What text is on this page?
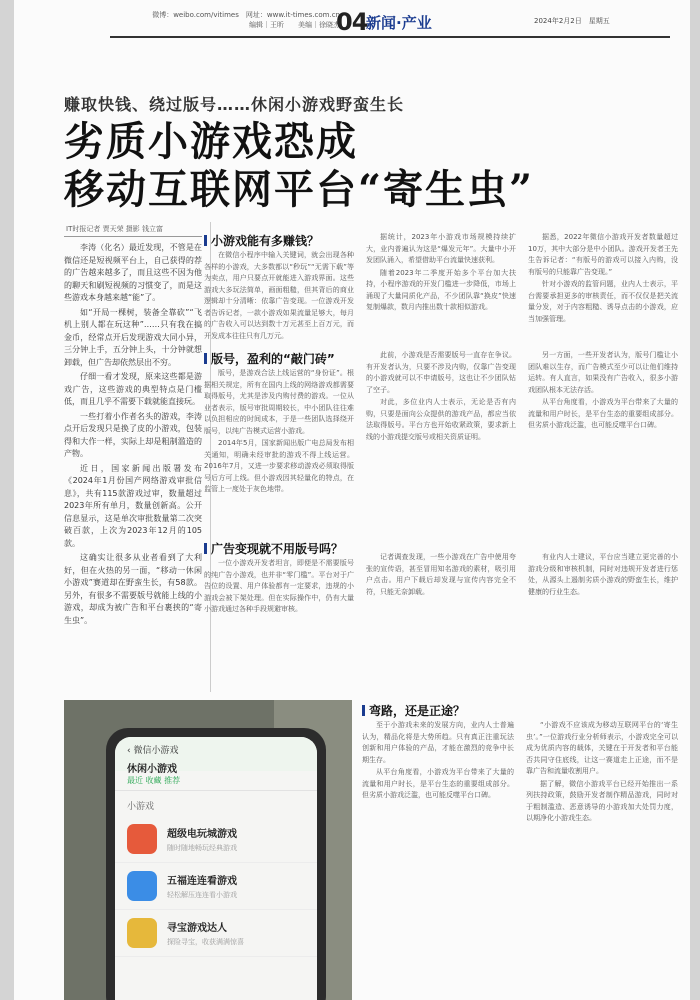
微博：weibo.com/vitimes　网址：www.it-times.com.cn
编辑｜王昕　　美编｜徐晓杰
04
新闻·产业	2024年2月2日　星期五
赚取快钱、绕过版号……休闲小游戏野蛮生长
劣质小游戏恐成
移动互联网平台“寄生虫”
IT时报记者 贾天荣 摄影 钱立富

李涛（化名）最近发现，不管是在微信还是短视频平台上，自己获得的荐的广告越来越多了，而且这些不因为他的聊天和刷短视频的习惯变了，而是这些游戏本身越来越“能”了。

如“开局一棵树，装备全靠砍”“飞机上别人都在玩这种”……只有我在搞金币，经常点开后发现游戏大同小异，三分钟上手，五分钟上头，十分钟就想卸载，但广告却依然层出不穷。

仔细一看才发现，原来这些都是游戏广告，这些游戏的典型特点是门槛低，而且几乎不需要下载就能直接玩。

一些打着小作者名头的游戏，李涛点开后发现只是换了皮的小游戏，包装得和大作一样，实际上却是粗制滥造的产物。

近日，国家新闻出版署发布《2024年1月份国产网络游戏审批信息》，共有115款游戏过审，数量超过2023年所有单月，数量创新高。公开信息显示，这是单次审批数量第二次突破百款，上次为2023年12月的105款。

这确实让很多从业者看到了大利好，但在火热的另一面，“移动一休闲小游戏”赛道却在野蛮生长，有58款。另外，有很多不需要版号就能上线的小游戏，却成为被广告和平台裹挟的“寄生虫”。

小游戏能有多赚钱？

在微信小程序中输入关键词，就会出现各种各样的小游戏，大多数都以“秒玩”“无需下载”等为卖点，用户只要点开就能进入游戏界面。这些游戏大多玩法简单，画面粗糙，但其背后的商业逻辑却十分清晰：依靠广告变现。一位游戏开发者告诉记者，一款小游戏如果流量足够大，每月的广告收入可以达到数十万元甚至上百万元，而开发成本往往只有几万元。

据统计，2023年小游戏市场规模持续扩大，业内普遍认为这是“爆发元年”。大量中小开发团队涌入，希望借助平台流量快速获利。

随着2023年二季度开始多个平台加大扶持，小程序游戏的开发门槛进一步降低，市场上涌现了大量同质化产品，不少团队靠“换皮”快速复制爆款，数月内推出数十款相似游戏。

据悉，2022年微信小游戏开发者数量超过10万，其中大部分是中小团队。游戏开发者王先生告诉记者：“有版号的游戏可以接入内购，没有版号的只能靠广告变现。”

针对小游戏的监管问题，业内人士表示，平台需要承担更多的审核责任，而不仅仅是把关流量分发，对于内容粗糙、诱导点击的小游戏，应当加强管理。

版号，盈利的“敲门砖”

版号，是游戏合法上线运营的“身份证”。根据相关规定，所有在国内上线的网络游戏都需要取得版号，尤其是涉及内购付费的游戏。一位从业者表示，版号审批周期较长，中小团队往往难以负担相应的时间成本，于是一些团队选择绕开版号，以纯广告模式运营小游戏。

2014年5月，国家新闻出版广电总局发布相关通知，明确未经审批的游戏不得上线运营。2016年7月，又进一步要求移动游戏必须取得版号后方可上线。但小游戏因其轻量化的特点，在监管上一度处于灰色地带。

此前，小游戏是否需要版号一直存在争议。有开发者认为，只要不涉及内购，仅靠广告变现的小游戏就可以不申请版号，这也让不少团队钻了空子。

对此，多位业内人士表示，无论是否有内购，只要是面向公众提供的游戏产品，都应当依法取得版号。平台方也开始收紧政策，要求新上线的小游戏提交版号或相关资质证明。

另一方面，一些开发者认为，版号门槛让小团队难以生存，而广告模式至少可以让他们维持运转。有人直言，如果没有广告收入，很多小游戏团队根本无法存活。

从平台角度看，小游戏为平台带来了大量的流量和用户时长，是平台生态的重要组成部分。但劣质小游戏泛滥，也可能反噬平台口碑。

广告变现就不用版号吗？

一位小游戏开发者坦言，即便是不需要版号的纯广告小游戏，也并非“零门槛”。平台对于广告位的设置、用户体验都有一定要求，违规的小游戏会被下架处理。但在实际操作中，仍有大量小游戏通过各种手段规避审核。

记者调查发现，一些小游戏在广告中使用夸张的宣传语，甚至冒用知名游戏的素材，吸引用户点击。用户下载后却发现与宣传内容完全不符，只能无奈卸载。

有业内人士建议，平台应当建立更完善的小游戏分级和审核机制，同时对违规开发者进行惩处，从源头上遏制劣质小游戏的野蛮生长，维护健康的行业生态。

弯路，还是正途？

至于小游戏未来的发展方向，业内人士普遍认为，精品化将是大势所趋。只有真正注重玩法创新和用户体验的产品，才能在激烈的竞争中长期生存。

从平台角度看，小游戏为平台带来了大量的流量和用户时长，是平台生态的重要组成部分。但劣质小游戏泛滥，也可能反噬平台口碑。

“小游戏不应该成为移动互联网平台的‘寄生虫’。”一位游戏行业分析师表示，小游戏完全可以成为优质内容的载体，关键在于开发者和平台能否共同守住底线，让这一赛道走上正途，而不是靠广告和流量收割用户。

据了解，微信小游戏平台已经开始推出一系列扶持政策，鼓励开发者制作精品游戏，同时对于粗制滥造、恶意诱导的小游戏加大处罚力度，以期净化小游戏生态。

‹ 微信小游戏
休闲小游戏
最近 收藏 推荐
小游戏
超级电玩城游戏
随时随地畅玩经典游戏
五福连连看游戏
轻松解压连连看小游戏
寻宝游戏达人
探险寻宝，收获满满惊喜
